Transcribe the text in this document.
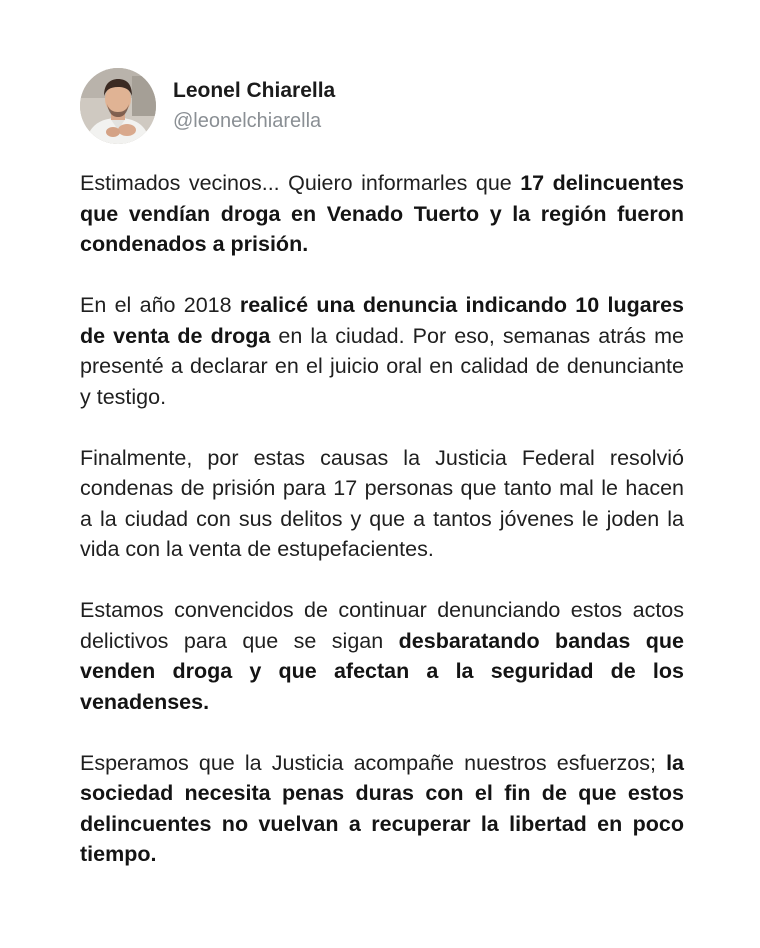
Leonel Chiarella
@leonelchiarella

Estimados vecinos... Quiero informarles que 17 delincuentes que vendían droga en Venado Tuerto y la región fueron condenados a prisión.

En el año 2018 realicé una denuncia indicando 10 lugares de venta de droga en la ciudad. Por eso, semanas atrás me presenté a declarar en el juicio oral en calidad de denunciante y testigo.

Finalmente, por estas causas la Justicia Federal resolvió condenas de prisión para 17 personas que tanto mal le hacen a la ciudad con sus delitos y que a tantos jóvenes le joden la vida con la venta de estupefacientes.

Estamos convencidos de continuar denunciando estos actos delictivos para que se sigan desbaratando bandas que venden droga y que afectan a la seguridad de los venadenses.

Esperamos que la Justicia acompañe nuestros esfuerzos; la sociedad necesita penas duras con el fin de que estos delincuentes no vuelvan a recuperar la libertad en poco tiempo.
